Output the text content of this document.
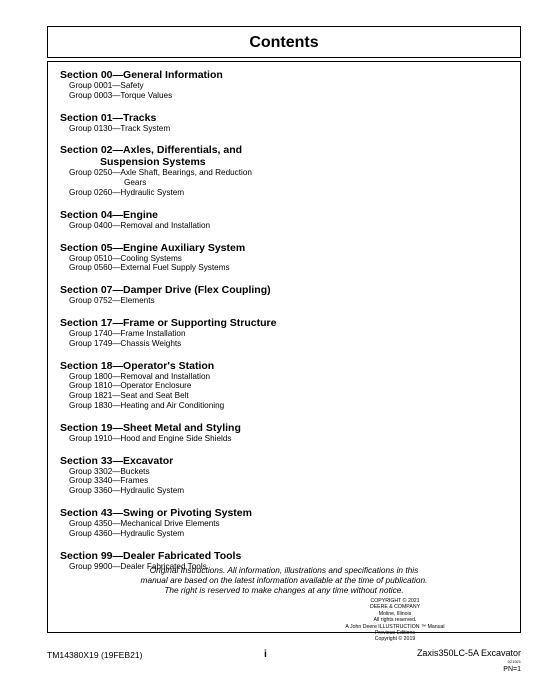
Contents
Section 00—General Information
Group 0001—Safety
Group 0003—Torque Values
Section 01—Tracks
Group 0130—Track System
Section 02—Axles, Differentials, and
Suspension Systems
Group 0250—Axle Shaft, Bearings, and Reduction
Gears
Group 0260—Hydraulic System
Section 04—Engine
Group 0400—Removal and Installation
Section 05—Engine Auxiliary System
Group 0510—Cooling Systems
Group 0560—External Fuel Supply Systems
Section 07—Damper Drive (Flex Coupling)
Group 0752—Elements
Section 17—Frame or Supporting Structure
Group 1740—Frame Installation
Group 1749—Chassis Weights
Section 18—Operator's Station
Group 1800—Removal and Installation
Group 1810—Operator Enclosure
Group 1821—Seat and Seat Belt
Group 1830—Heating and Air Conditioning
Section 19—Sheet Metal and Styling
Group 1910—Hood and Engine Side Shields
Section 33—Excavator
Group 3302—Buckets
Group 3340—Frames
Group 3360—Hydraulic System
Section 43—Swing or Pivoting System
Group 4350—Mechanical Drive Elements
Group 4360—Hydraulic System
Section 99—Dealer Fabricated Tools
Group 9900—Dealer Fabricated Tools
Original Instructions. All information, illustrations and specifications in this
manual are based on the latest information available at the time of publication.
The right is reserved to make changes at any time without notice.
COPYRIGHT © 2021
DEERE & COMPANY
Moline, Illinois
All rights reserved.
A John Deere ILLUSTRUCTION ™ Manual
Previous Editions
Copyright © 2019
TM14380X19 (19FEB21)	i	Zaxis350LC-5A Excavator
021921
PN=1
